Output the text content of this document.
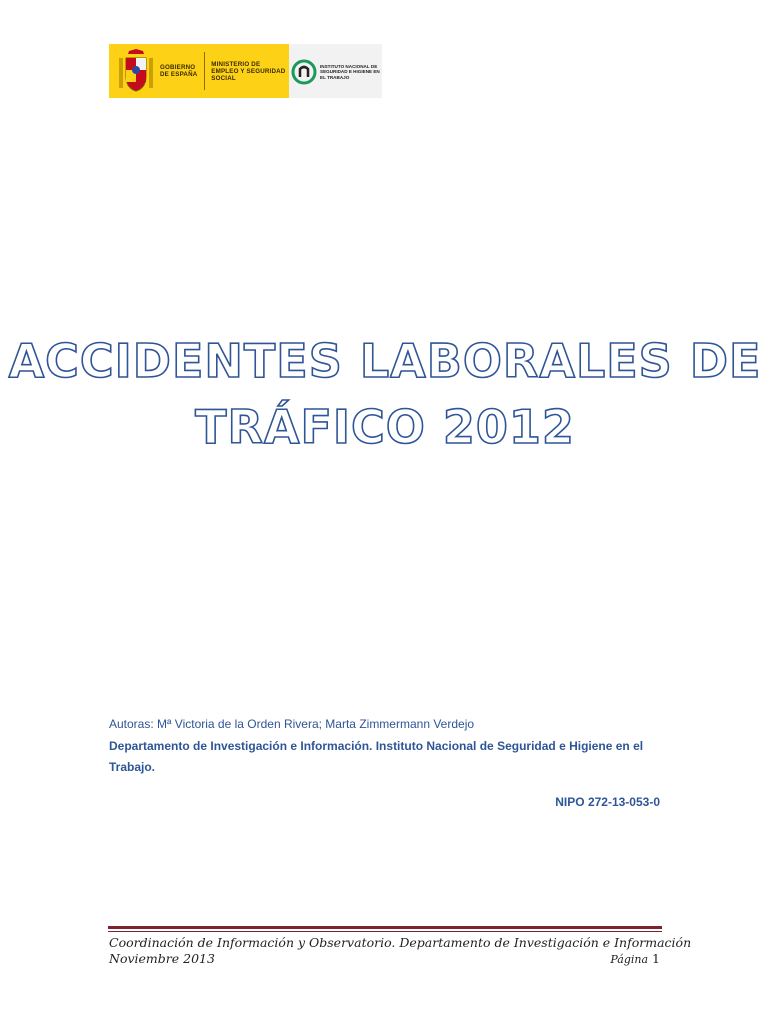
GOBIERNO DE ESPAÑA
MINISTERIO DE EMPLEO Y SEGURIDAD SOCIAL
INSTITUTO NACIONAL DE SEGURIDAD E HIGIENE EN EL TRABAJO
ACCIDENTES LABORALES DE
TRÁFICO 2012
Autoras: Mª Victoria de la Orden Rivera; Marta Zimmermann Verdejo
Departamento de Investigación e Información. Instituto Nacional de Seguridad e Higiene en el Trabajo.
NIPO 272-13-053-0
Coordinación de Información y Observatorio. Departamento de Investigación e Información
Noviembre 2013	Página 1
